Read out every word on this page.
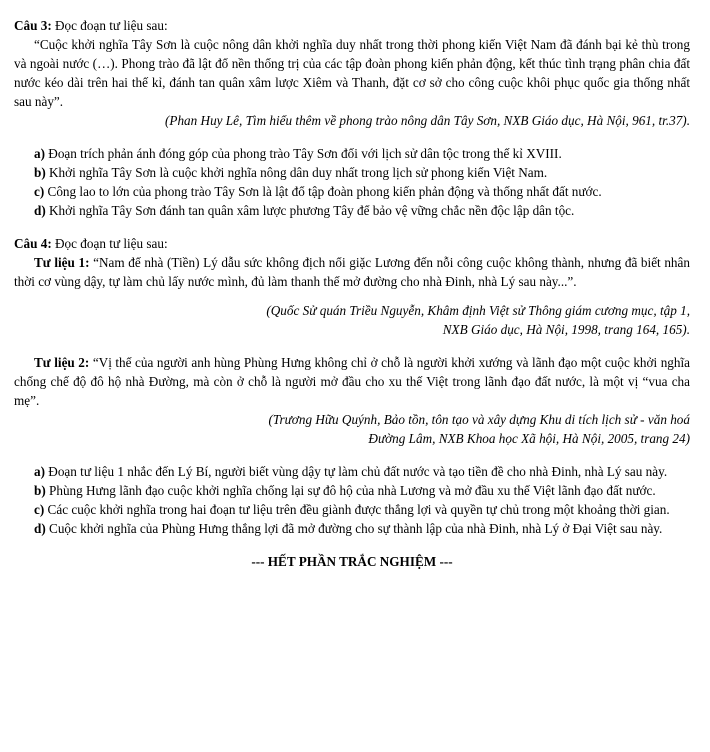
Câu 3: Đọc đoạn tư liệu sau:

“Cuộc khởi nghĩa Tây Sơn là cuộc nông dân khởi nghĩa duy nhất trong thời phong kiến Việt Nam đã đánh bại kẻ thù trong và ngoài nước (…). Phong trào đã lật đổ nền thống trị của các tập đoàn phong kiến phản động, kết thúc tình trạng phân chia đất nước kéo dài trên hai thế kỉ, đánh tan quân xâm lược Xiêm và Thanh, đặt cơ sở cho công cuộc khôi phục quốc gia thống nhất sau này”.

(Phan Huy Lê, Tìm hiểu thêm về phong trào nông dân Tây Sơn, NXB Giáo dục, Hà Nội, 961, tr.37).

a) Đoạn trích phản ánh đóng góp của phong trào Tây Sơn đối với lịch sử dân tộc trong thế kỉ XVIII.

b) Khởi nghĩa Tây Sơn là cuộc khởi nghĩa nông dân duy nhất trong lịch sử phong kiến Việt Nam.

c) Công lao to lớn của phong trào Tây Sơn là lật đổ tập đoàn phong kiến phản động và thống nhất đất nước.

d) Khởi nghĩa Tây Sơn đánh tan quân xâm lược phương Tây để bảo vệ vững chắc nền độc lập dân tộc.

Câu 4: Đọc đoạn tư liệu sau:

Tư liệu 1: “Nam đế nhà (Tiền) Lý dẫu sức không địch nổi giặc Lương đến nỗi công cuộc không thành, nhưng đã biết nhân thời cơ vùng dậy, tự làm chủ lấy nước mình, đủ làm thanh thế mở đường cho nhà Đinh, nhà Lý sau này...”.

(Quốc Sử quán Triều Nguyễn, Khâm định Việt sử Thông giám cương mục, tập 1,

NXB Giáo dục, Hà Nội, 1998, trang 164, 165).

Tư liệu 2: “Vị thế của người anh hùng Phùng Hưng không chỉ ở chỗ là người khởi xướng và lãnh đạo một cuộc khởi nghĩa chống chế độ đô hộ nhà Đường, mà còn ở chỗ là người mở đầu cho xu thế Việt trong lãnh đạo đất nước, là một vị “vua cha mẹ”.

(Trương Hữu Quýnh, Bảo tồn, tôn tạo và xây dựng Khu di tích lịch sử - văn hoá

Đường Lâm, NXB Khoa học Xã hội, Hà Nội, 2005, trang 24)

a) Đoạn tư liệu 1 nhắc đến Lý Bí, người biết vùng dậy tự làm chủ đất nước và tạo tiền đề cho nhà Đinh, nhà Lý sau này.

b) Phùng Hưng lãnh đạo cuộc khởi nghĩa chống lại sự đô hộ của nhà Lương và mở đầu xu thế Việt lãnh đạo đất nước.

c) Các cuộc khởi nghĩa trong hai đoạn tư liệu trên đều giành được thắng lợi và quyền tự chủ trong một khoảng thời gian.

d) Cuộc khởi nghĩa của Phùng Hưng thắng lợi đã mở đường cho sự thành lập của nhà Đinh, nhà Lý ở Đại Việt sau này.

--- HẾT PHẦN TRẮC NGHIỆM ---
